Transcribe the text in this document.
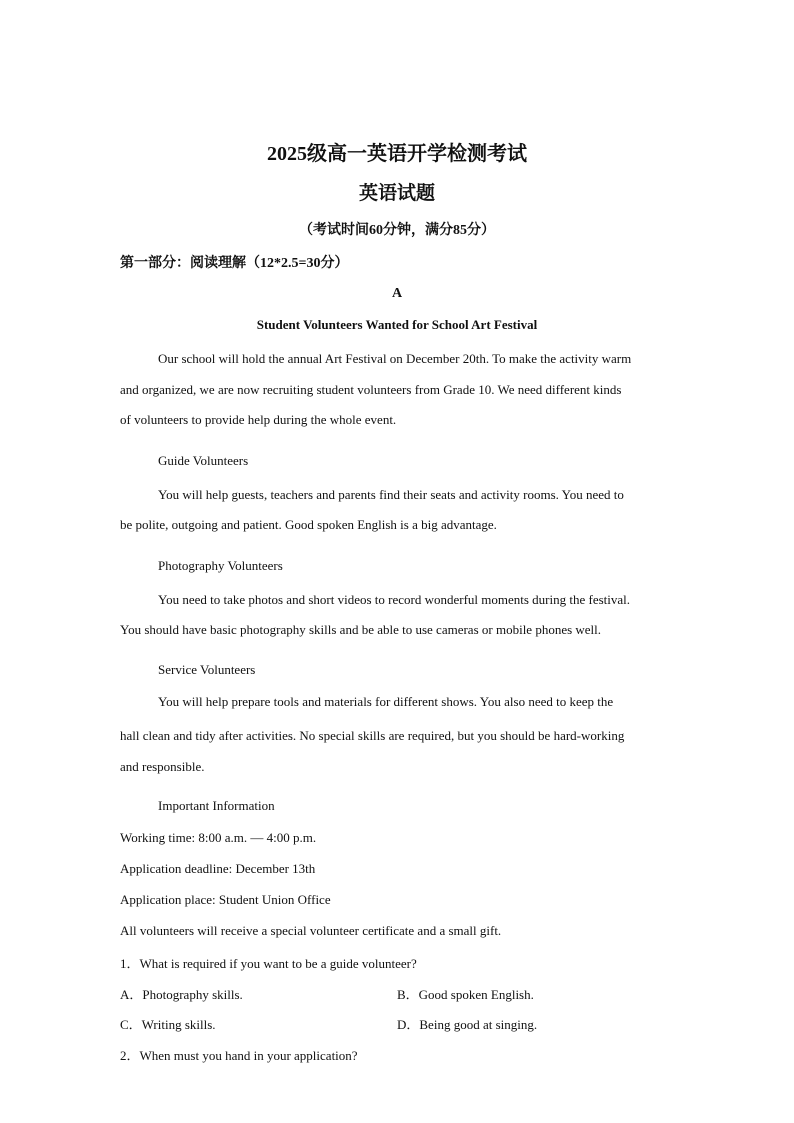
2025级高一英语开学检测考试
英语试题
（考试时间60分钟，满分85分）
第一部分：阅读理解（12*2.5=30分）
A
Student Volunteers Wanted for School Art Festival
Our school will hold the annual Art Festival on December 20th. To make the activity warm
and organized, we are now recruiting student volunteers from Grade 10. We need different kinds
of volunteers to provide help during the whole event.
Guide Volunteers
You will help guests, teachers and parents find their seats and activity rooms. You need to
be polite, outgoing and patient. Good spoken English is a big advantage.
Photography Volunteers
You need to take photos and short videos to record wonderful moments during the festival.
You should have basic photography skills and be able to use cameras or mobile phones well.
Service Volunteers
You will help prepare tools and materials for different shows. You also need to keep the
hall clean and tidy after activities. No special skills are required, but you should be hard-working
and responsible.
Important Information
Working time: 8:00 a.m. — 4:00 p.m.
Application deadline: December 13th
Application place: Student Union Office
All volunteers will receive a special volunteer certificate and a small gift.
1．What is required if you want to be a guide volunteer?
A．Photography skills.	B．Good spoken English.
C．Writing skills.	D．Being good at singing.
2．When must you hand in your application?
